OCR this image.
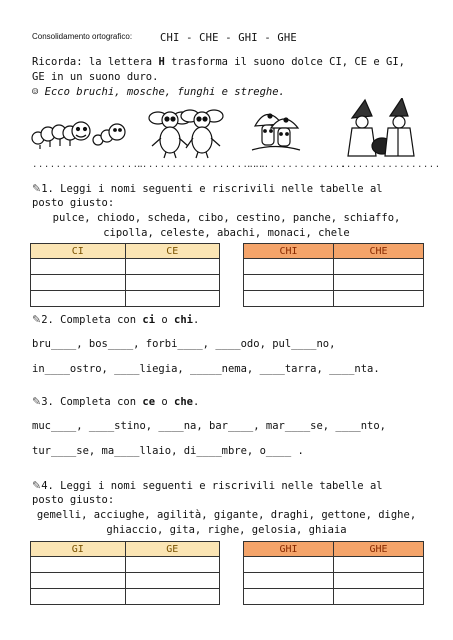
Consolidamento ortografico:	CHI - CHE - GHI - GHE
Ricorda: la lettera H trasforma il suono dolce CI, CE e GI,
GE in un suono duro.
☺ Ecco bruchi, mosche, funghi e streghe.
...................
......................
.................
.................
✎1. Leggi i nomi seguenti e riscrivili nelle tabelle al
posto giusto:
pulce, chiodo, scheda, cibo, cestino, panche, schiaffo,
cipolla, celeste, abachi, monaci, chele
CI	CE

		CHI	CHE

✎2. Completa con ci o chi.
bru____, bos____, forbi____, ____odo, pul____no,
in____ostro, ____liegia, _____nema, ____tarra, ____nta.
✎3. Completa con ce o che.
muc____, ____stino, ____na, bar____, mar____se, ____nto,
tur____se, ma____llaio, di____mbre, o____ .
✎4. Leggi i nomi seguenti e riscrivili nelle tabelle al
posto giusto:
gemelli, acciughe, agilità, gigante, draghi, gettone, dighe,
ghiaccio, gita, righe, gelosia, ghiaia
GI	GE

		GHI	GHE
